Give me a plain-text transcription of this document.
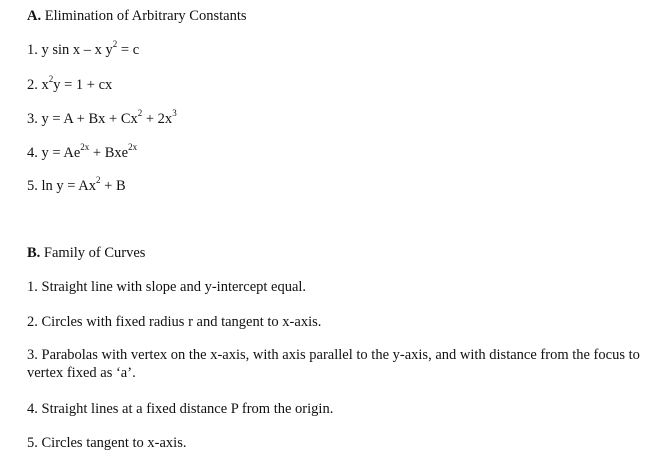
A. Elimination of Arbitrary Constants
1. y sin x – x $y^2 = c$
2. $x^2y = 1$ + cx
3. $y = A + Bx + Cx^2 + 2x^3$
4. $y = Ae^{2x} + Bxe^{2x}$
5. $\ln y = Ax^2 + B$
B. Family of Curves
1. Straight line with slope and y-intercept equal.
2. Circles with fixed radius r and tangent to x-axis.
3. Parabolas with vertex on the x-axis, with axis parallel to the y-axis, and with distance from the focus to vertex fixed as ‘a’.
4. Straight lines at a fixed distance P from the origin.
5. Circles tangent to x-axis.
